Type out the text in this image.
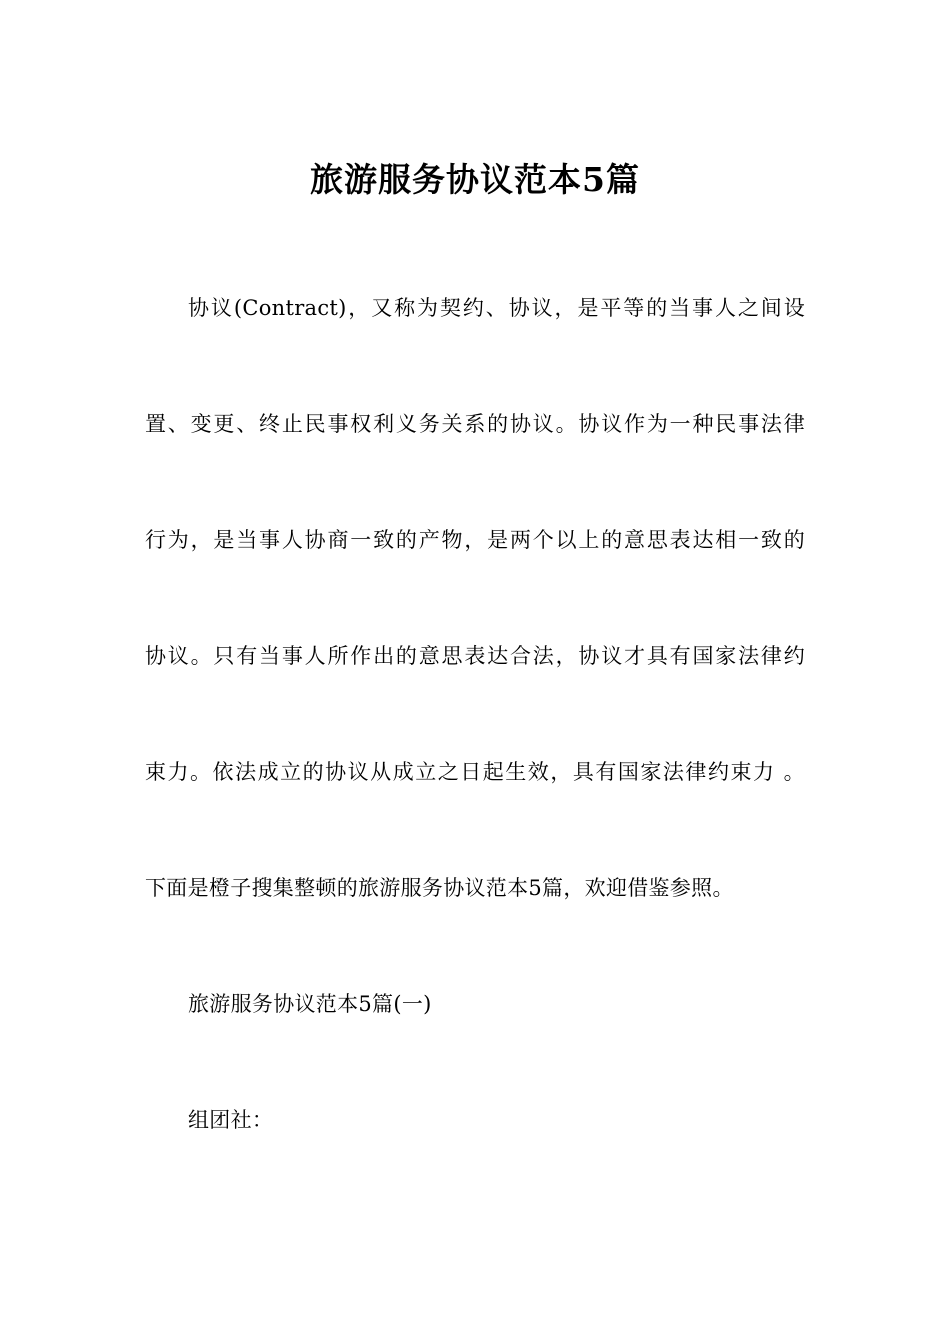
旅游服务协议范本5篇

协议(Contract)，又称为契约、协议，是平等的当事人之间设

置、变更、终止民事权利义务关系的协议。协议作为一种民事法律

行为，是当事人协商一致的产物，是两个以上的意思表达相一致的

协议。只有当事人所作出的意思表达合法，协议才具有国家法律约

束力。依法成立的协议从成立之日起生效，具有国家法律约束力 。

下面是橙子搜集整顿的旅游服务协议范本5篇，欢迎借鉴参照。

旅游服务协议范本5篇(一)

组团社：
